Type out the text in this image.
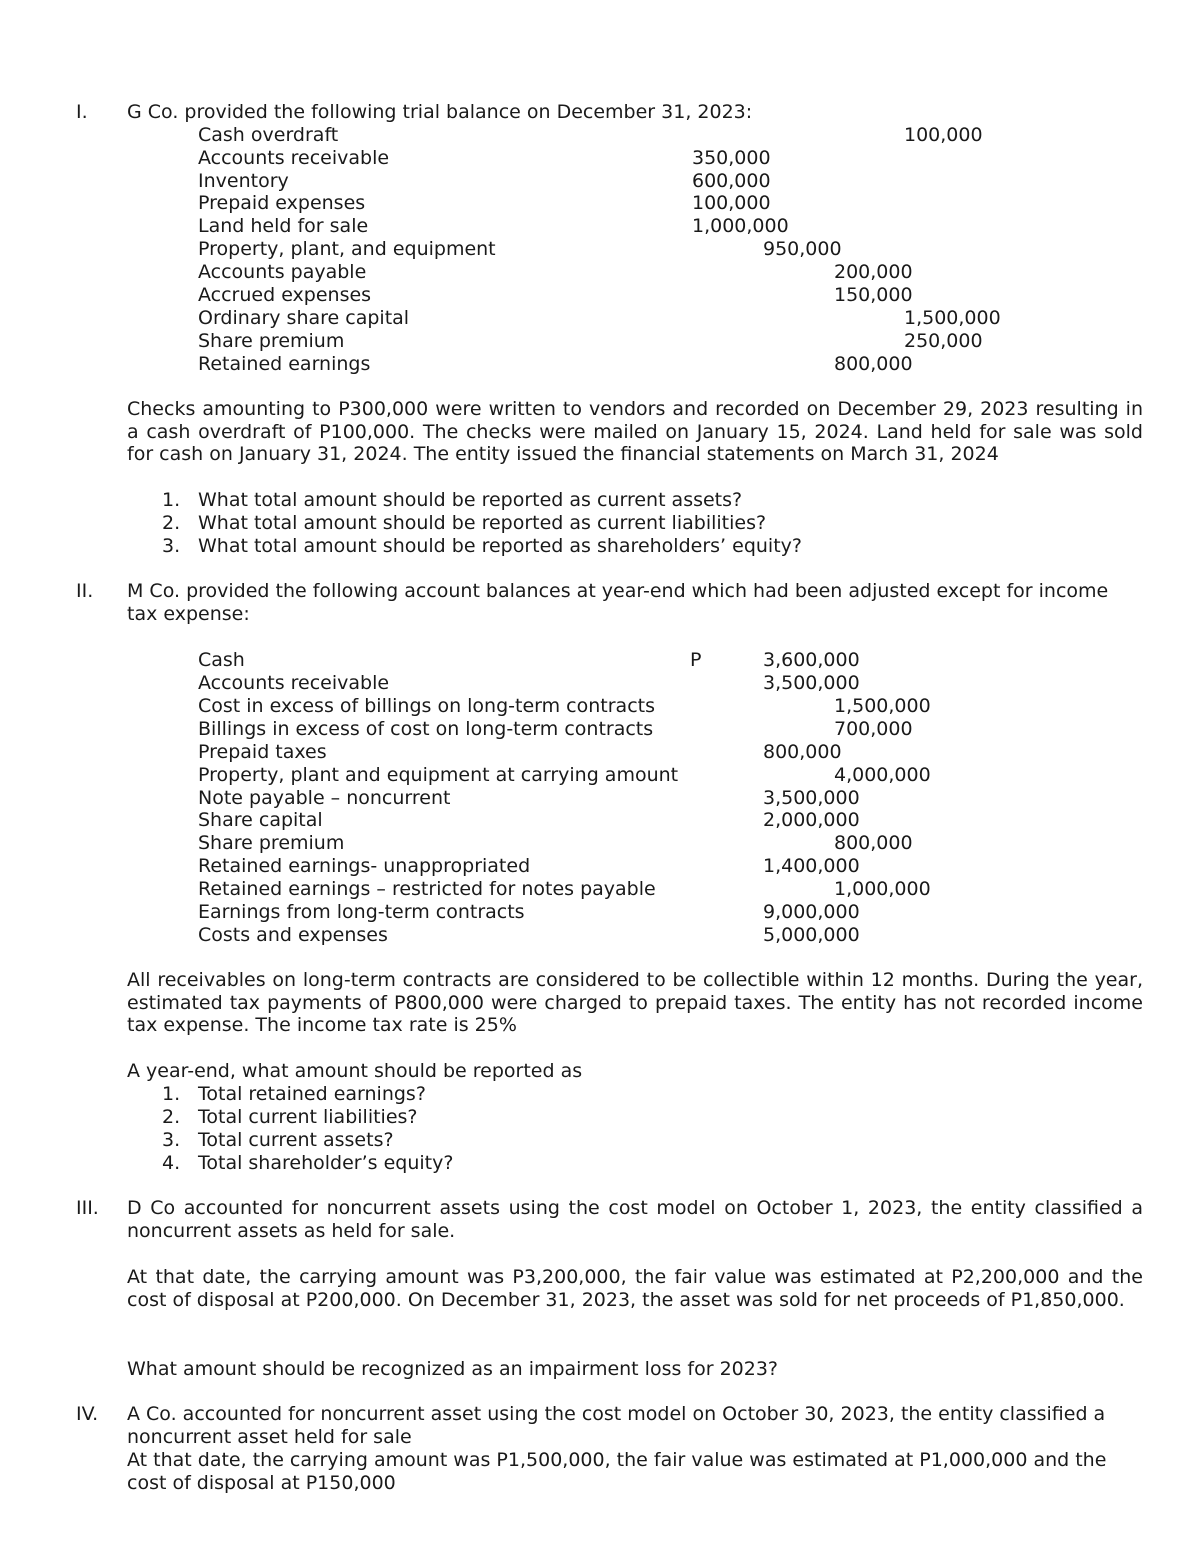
I. G Co. provided the following trial balance on December 31, 2023:
Cash overdraft	100,000
Accounts receivable	350,000
Inventory	600,000
Prepaid expenses	100,000
Land held for sale	1,000,000
Property, plant, and equipment	950,000
Accounts payable	200,000
Accrued expenses	150,000
Ordinary share capital	1,500,000
Share premium	250,000
Retained earnings	800,000
Checks amounting to P300,000 were written to vendors and recorded on December 29, 2023 resulting in a cash overdraft of P100,000. The checks were mailed on January 15, 2024. Land held for sale was sold for cash on January 31, 2024. The entity issued the financial statements on March 31, 2024
1. What total amount should be reported as current assets?
2. What total amount should be reported as current liabilities?
3. What total amount should be reported as shareholders’ equity?
II. M Co. provided the following account balances at year-end which had been adjusted except for income tax expense:
Cash	P	3,600,000
Accounts receivable	3,500,000
Cost in excess of billings on long-term contracts	1,500,000
Billings in excess of cost on long-term contracts	700,000
Prepaid taxes	800,000
Property, plant and equipment at carrying amount	4,000,000
Note payable – noncurrent	3,500,000
Share capital	2,000,000
Share premium	800,000
Retained earnings- unappropriated	1,400,000
Retained earnings – restricted for notes payable	1,000,000
Earnings from long-term contracts	9,000,000
Costs and expenses	5,000,000
All receivables on long-term contracts are considered to be collectible within 12 months. During the year, estimated tax payments of P800,000 were charged to prepaid taxes. The entity has not recorded income tax expense. The income tax rate is 25%
A year-end, what amount should be reported as
1. Total retained earnings?
2. Total current liabilities?
3. Total current assets?
4. Total shareholder’s equity?
III. D Co accounted for noncurrent assets using the cost model on October 1, 2023, the entity classified a noncurrent assets as held for sale.
At that date, the carrying amount was P3,200,000, the fair value was estimated at P2,200,000 and the cost of disposal at P200,000. On December 31, 2023, the asset was sold for net proceeds of P1,850,000.
What amount should be recognized as an impairment loss for 2023?
IV. A Co. accounted for noncurrent asset using the cost model on October 30, 2023, the entity classified a noncurrent asset held for sale
At that date, the carrying amount was P1,500,000, the fair value was estimated at P1,000,000 and the cost of disposal at P150,000
